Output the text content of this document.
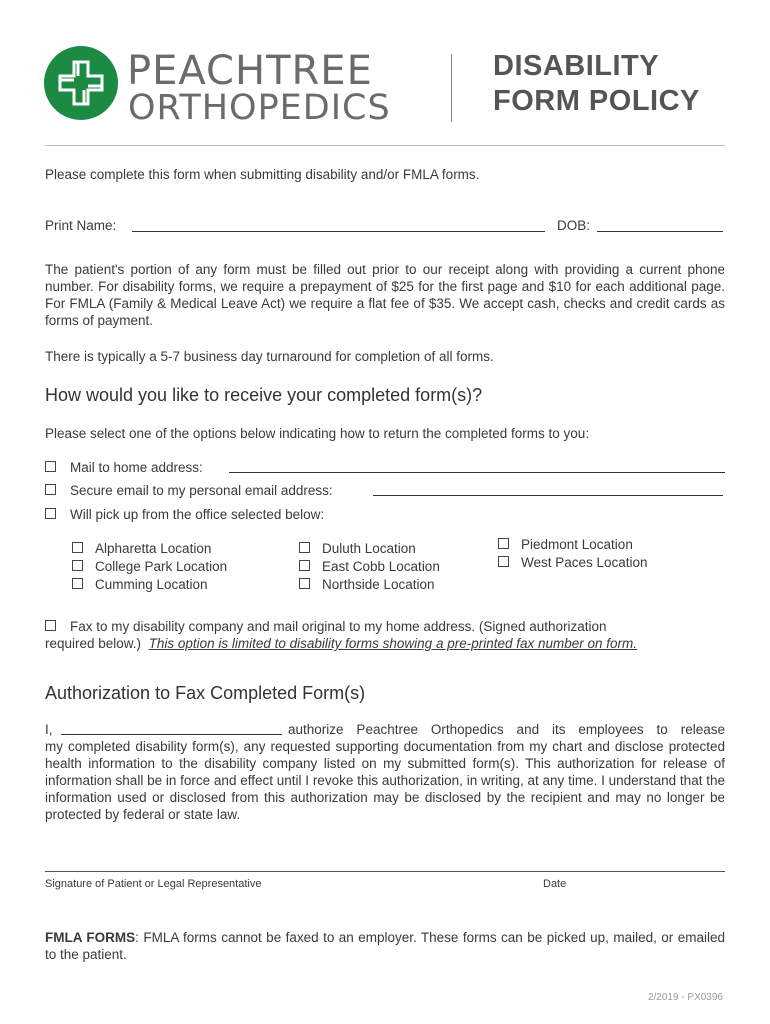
PEACHTREE
ORTHOPEDICS
DISABILITY
FORM POLICY
Please complete this form when submitting disability and/or FMLA forms.
Print Name:	DOB:
The patient's portion of any form must be filled out prior to our receipt along with providing a current phone number. For disability forms, we require a prepayment of $25 for the first page and $10 for each additional page. For FMLA (Family & Medical Leave Act) we require a flat fee of $35. We accept cash, checks and credit cards as forms of payment.
There is typically a 5-7 business day turnaround for completion of all forms.
How would you like to receive your completed form(s)?
Please select one of the options below indicating how to return the completed forms to you:
Mail to home address:
Secure email to my personal email address:
Will pick up from the office selected below:
Alpharetta Location
College Park Location
Cumming Location
Duluth Location
East Cobb Location
Northside Location
Piedmont Location
West Paces Location
Fax to my disability company and mail original to my home address. (Signed authorization
required below.) This option is limited to disability forms showing a pre-printed fax number on form.
Authorization to Fax Completed Form(s)
I,	authorize Peachtree Orthopedics and its employees to release
my completed disability form(s), any requested supporting documentation from my chart and disclose protected health information to the disability company listed on my submitted form(s). This authorization for release of information shall be in force and effect until I revoke this authorization, in writing, at any time. I understand that the information used or disclosed from this authorization may be disclosed by the recipient and may no longer be protected by federal or state law.
Signature of Patient or Legal Representative	Date
FMLA FORMS: FMLA forms cannot be faxed to an employer. These forms can be picked up, mailed, or emailed to the patient.
2/2019 - PX0396
